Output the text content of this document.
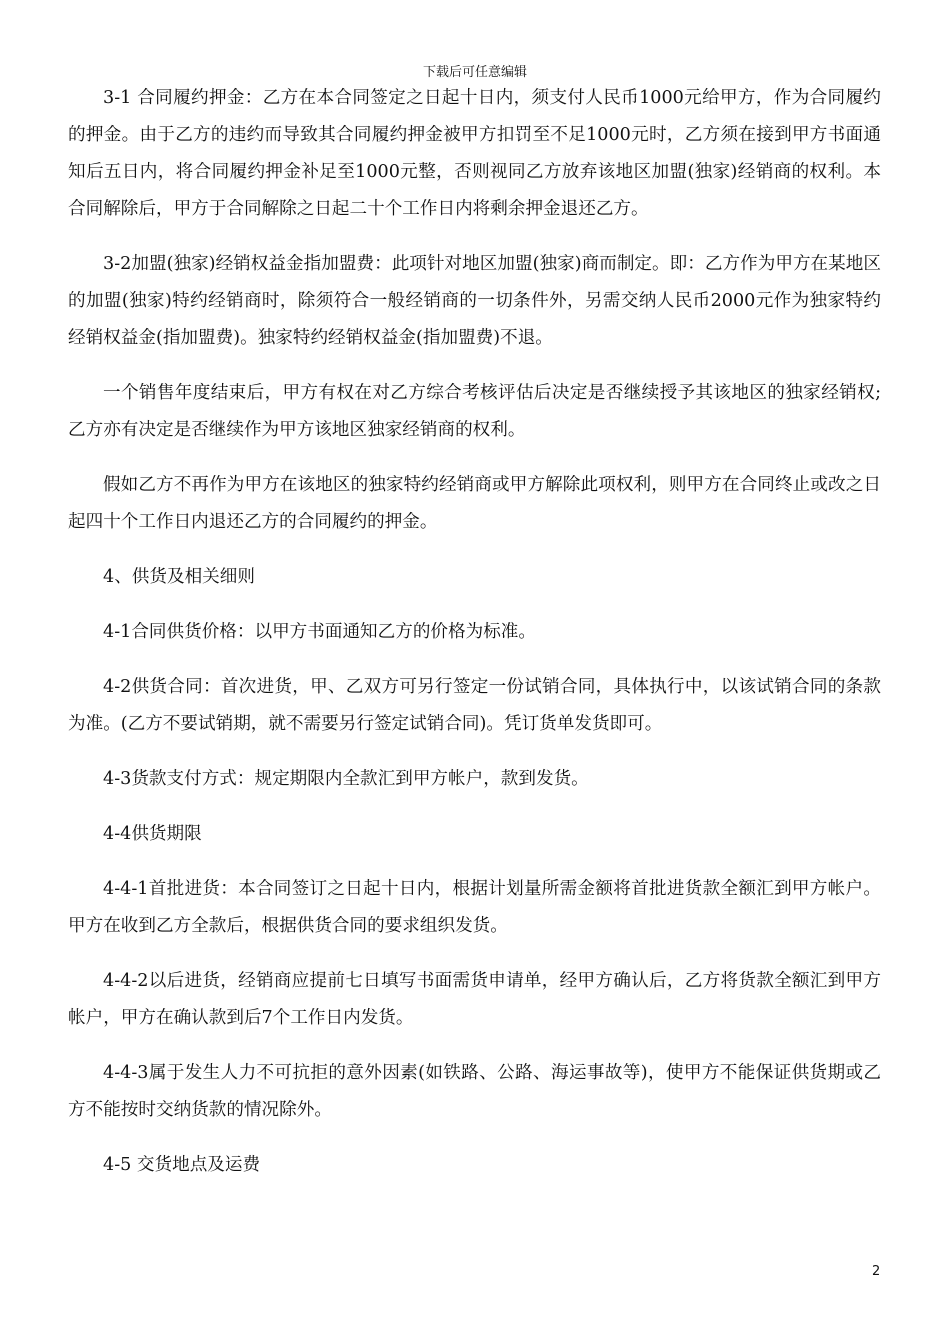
下载后可任意编辑

3-1 合同履约押金：乙方在本合同签定之日起十日内，须支付人民币1000元给甲方，作为合同履约的押金。由于乙方的违约而导致其合同履约押金被甲方扣罚至不足1000元时，乙方须在接到甲方书面通知后五日内，将合同履约押金补足至1000元整，否则视同乙方放弃该地区加盟(独家)经销商的权利。本合同解除后，甲方于合同解除之日起二十个工作日内将剩余押金退还乙方。

3-2加盟(独家)经销权益金指加盟费：此项针对地区加盟(独家)商而制定。即：乙方作为甲方在某地区的加盟(独家)特约经销商时，除须符合一般经销商的一切条件外，另需交纳人民币2000元作为独家特约经销权益金(指加盟费)。独家特约经销权益金(指加盟费)不退。

一个销售年度结束后，甲方有权在对乙方综合考核评估后决定是否继续授予其该地区的独家经销权;乙方亦有决定是否继续作为甲方该地区独家经销商的权利。

假如乙方不再作为甲方在该地区的独家特约经销商或甲方解除此项权利，则甲方在合同终止或改之日起四十个工作日内退还乙方的合同履约的押金。

4、供货及相关细则

4-1合同供货价格：以甲方书面通知乙方的价格为标准。

4-2供货合同：首次进货，甲、乙双方可另行签定一份试销合同，具体执行中，以该试销合同的条款为准。(乙方不要试销期，就不需要另行签定试销合同)。凭订货单发货即可。

4-3货款支付方式：规定期限内全款汇到甲方帐户，款到发货。

4-4供货期限

4-4-1首批进货：本合同签订之日起十日内，根据计划量所需金额将首批进货款全额汇到甲方帐户。甲方在收到乙方全款后，根据供货合同的要求组织发货。

4-4-2以后进货，经销商应提前七日填写书面需货申请单，经甲方确认后，乙方将货款全额汇到甲方帐户，甲方在确认款到后7个工作日内发货。

4-4-3属于发生人力不可抗拒的意外因素(如铁路、公路、海运事故等)，使甲方不能保证供货期或乙方不能按时交纳货款的情况除外。

4-5 交货地点及运费

2
